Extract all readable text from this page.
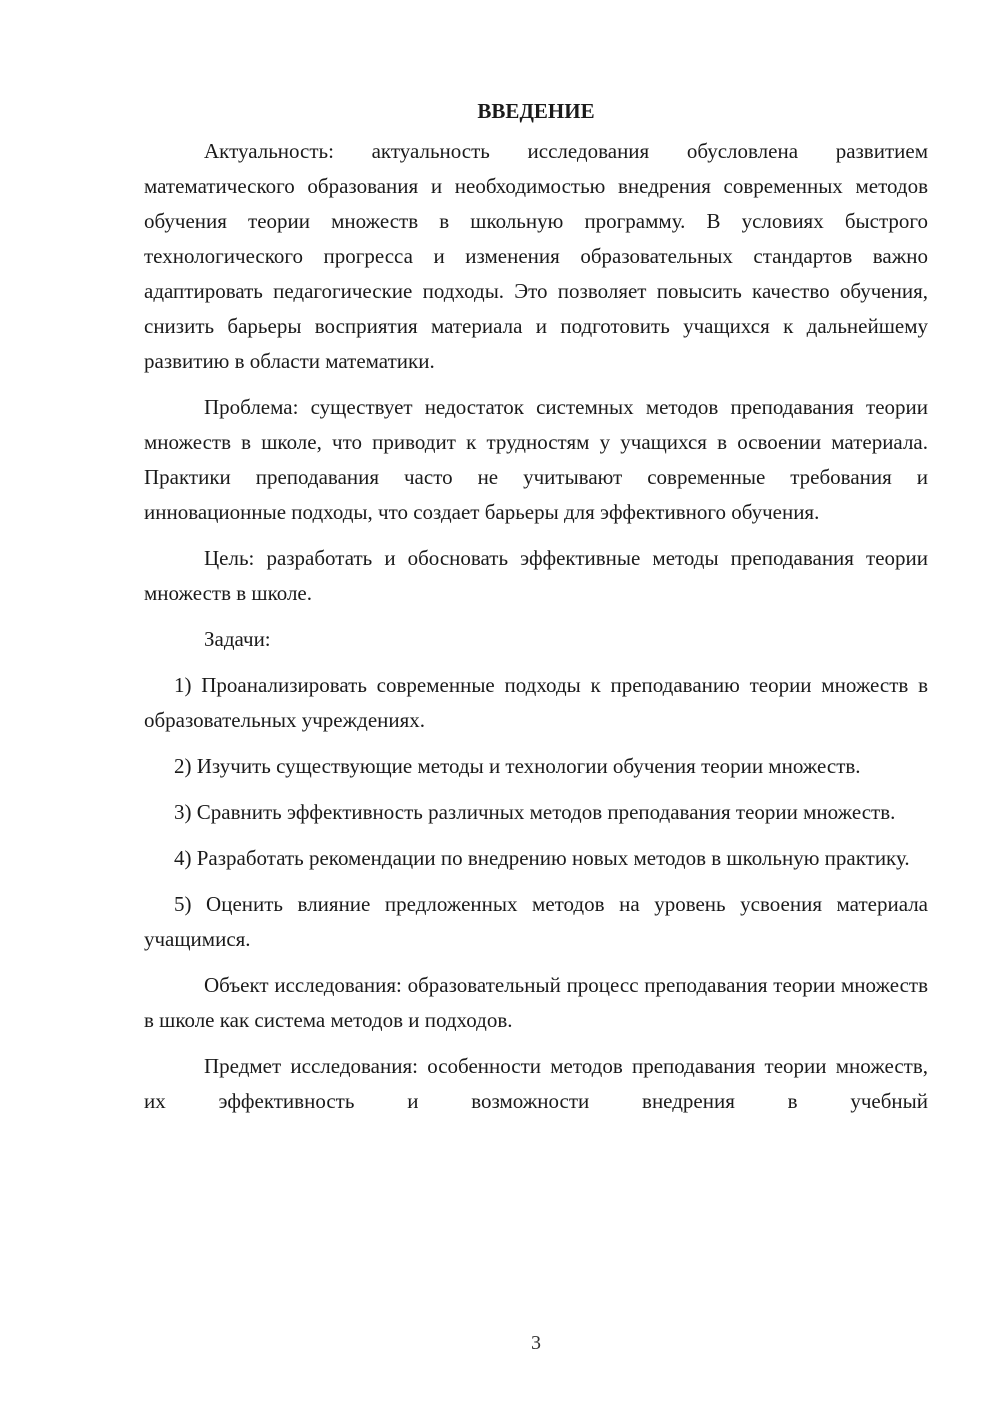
ВВЕДЕНИЕ

Актуальность: актуальность исследования обусловлена развитием математического образования и необходимостью внедрения современных методов обучения теории множеств в школьную программу. В условиях быстрого технологического прогресса и изменения образовательных стандартов важно адаптировать педагогические подходы. Это позволяет повысить качество обучения, снизить барьеры восприятия материала и подготовить учащихся к дальнейшему развитию в области математики.

Проблема: существует недостаток системных методов преподавания теории множеств в школе, что приводит к трудностям у учащихся в освоении материала. Практики преподавания часто не учитывают современные требования и инновационные подходы, что создает барьеры для эффективного обучения.

Цель: разработать и обосновать эффективные методы преподавания теории множеств в школе.

Задачи:

1) Проанализировать современные подходы к преподаванию теории множеств в образовательных учреждениях.

2) Изучить существующие методы и технологии обучения теории множеств.

3) Сравнить эффективность различных методов преподавания теории множеств.

4) Разработать рекомендации по внедрению новых методов в школьную практику.

5) Оценить влияние предложенных методов на уровень усвоения материала учащимися.

Объект исследования: образовательный процесс преподавания теории множеств в школе как система методов и подходов.

Предмет исследования: особенности методов преподавания теории множеств, их эффективность и возможности внедрения в учебный

3
